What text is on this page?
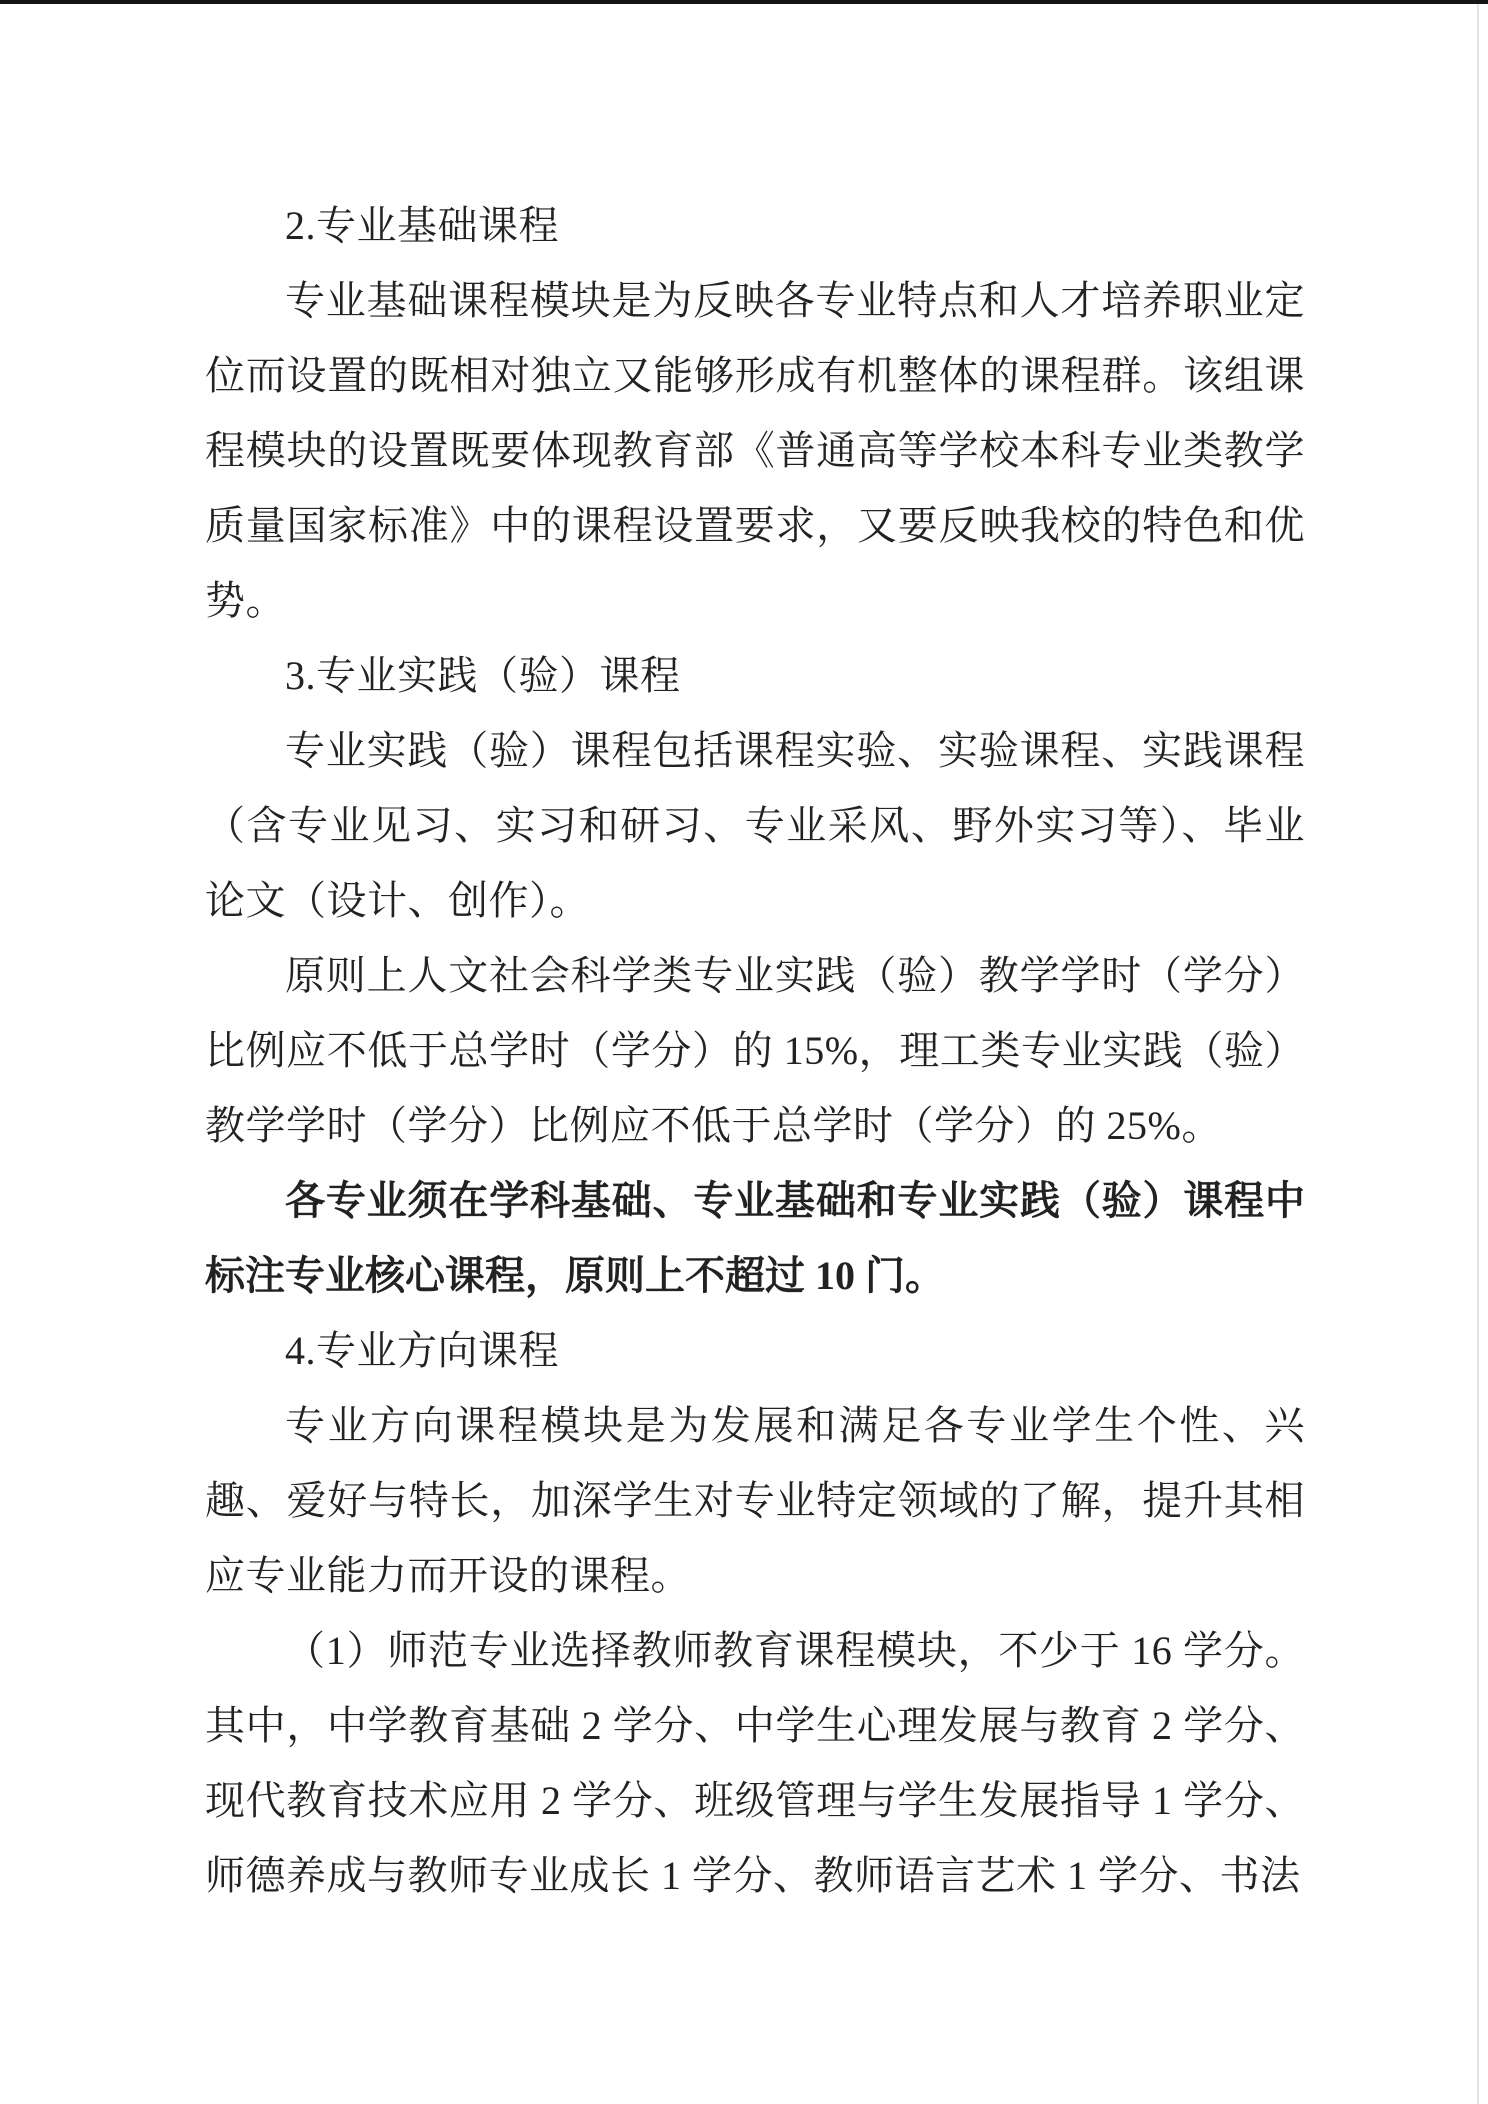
2.专业基础课程

专业基础课程模块是为反映各专业特点和人才培养职业定位而设置的既相对独立又能够形成有机整体的课程群。该组课程模块的设置既要体现教育部《普通高等学校本科专业类教学质量国家标准》中的课程设置要求，又要反映我校的特色和优势。

3.专业实践（验）课程

专业实践（验）课程包括课程实验、实验课程、实践课程（含专业见习、实习和研习、专业采风、野外实习等）、毕业论文（设计、创作）。

原则上人文社会科学类专业实践（验）教学学时（学分）比例应不低于总学时（学分）的 15%，理工类专业实践（验）教学学时（学分）比例应不低于总学时（学分）的 25%。

各专业须在学科基础、专业基础和专业实践（验）课程中标注专业核心课程，原则上不超过 10 门。

4.专业方向课程

专业方向课程模块是为发展和满足各专业学生个性、兴趣、爱好与特长，加深学生对专业特定领域的了解，提升其相应专业能力而开设的课程。

（1）师范专业选择教师教育课程模块，不少于 16 学分。其中，中学教育基础 2 学分、中学生心理发展与教育 2 学分、现代教育技术应用 2 学分、班级管理与学生发展指导 1 学分、师德养成与教师专业成长 1 学分、教师语言艺术 1 学分、书法
